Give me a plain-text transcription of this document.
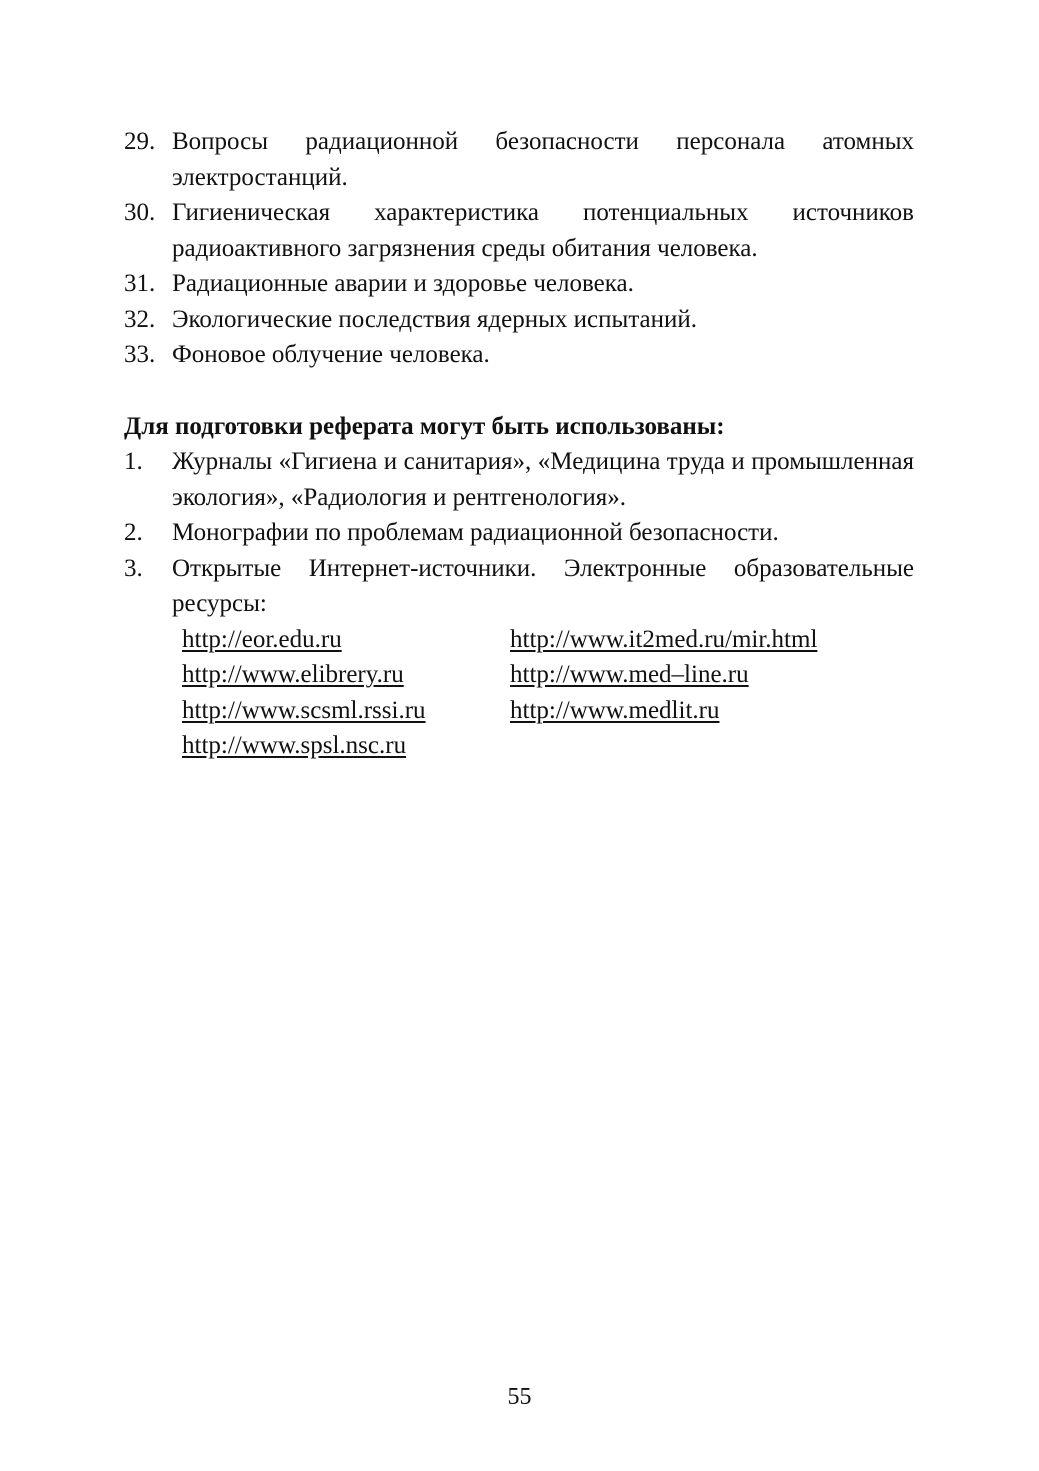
29. Вопросы радиационной безопасности персонала атомных электростанций.
30. Гигиеническая характеристика потенциальных источников радиоактивного загрязнения среды обитания человека.
31. Радиационные аварии и здоровье человека.
32. Экологические последствия ядерных испытаний.
33. Фоновое облучение человека.
Для подготовки реферата могут быть использованы:
1.	Журналы «Гигиена и санитария», «Медицина труда и промышленная экология», «Радиология и рентгенология».
2.	Монографии по проблемам радиационной безопасности.
3.	Открытые Интернет-источники. Электронные образовательные ресурсы:
http://eor.edu.ru	http://www.it2med.ru/mir.html
http://www.elibrery.ru	http://www.med–line.ru
http://www.scsml.rssi.ru	http://www.medlit.ru
http://www.spsl.nsc.ru
55
